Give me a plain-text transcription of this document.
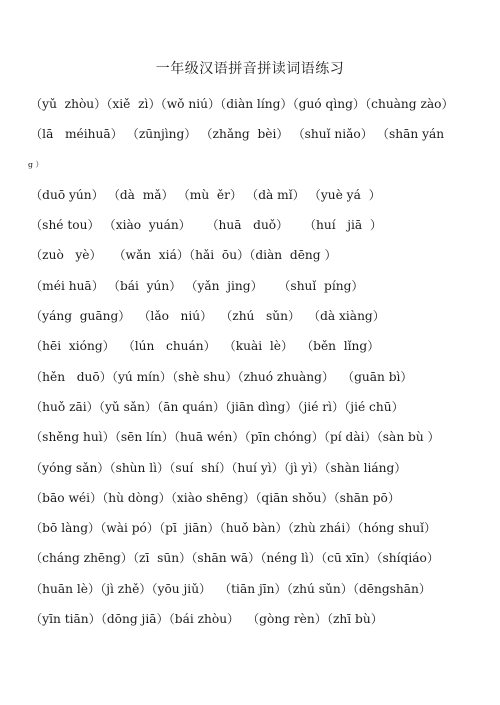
一年级汉语拼音拼读词语练习
（yǔ  zhòu）（xiě  zì）（wǒ niú）（diàn líng）（guó qìng）（chuàng zào）
（lā   méihuā） （zūnjìng） （zhǎng  bèi） （shuǐ niǎo） （shān yán
g ）
（duō yún） （dà  mǎ） （mù  ěr） （dà mǐ） （yuè yá  ）
（shé tou） （xiào  yuán）    （huā   duǒ）    （huí   jiā  ）
（zuò   yè）   （wǎn  xiá）（hǎi  ōu）（diàn  dēng ）
（méi huā） （bái  yún） （yǎn  jing）    （shuǐ  píng）
（yáng  guāng）  （lǎo   niú）  （zhú   sǔn）  （dà xiàng）
（hēi  xióng）  （lún   chuán）  （kuài  lè）  （běn  lǐng）
（hěn   duō）（yú mín）（shè shu）（zhuó zhuàng）  （guān bì）
（huǒ zāi）（yǔ sǎn）（ān quán）（jiān dìng）（jié rì）（jié chū）
（shěng huì）（sēn lín）（huā wén）（pīn chóng）（pí dài）（sàn bù ）
（yóng sǎn）（shùn lì）（suí  shí）（huí yì）（jì yì）（shàn liáng）
（bāo wéi）（hù dòng）（xiào shēng）（qiān shǒu）（shān pō）
（bō làng）（wài pó）（pī  jiān）（huǒ bàn）（zhù zhái）（hóng shuǐ）
（cháng zhēng）（zī  sūn）（shān wā）（néng lì）（cū xīn）（shíqiáo）
（huān lè）（jì zhě）（yōu jiǔ）  （tiān jīn）（zhú sǔn）（dēngshān）
（yīn tiān）（dōng jiā）（bái zhòu）  （gòng rèn）（zhī bù）
